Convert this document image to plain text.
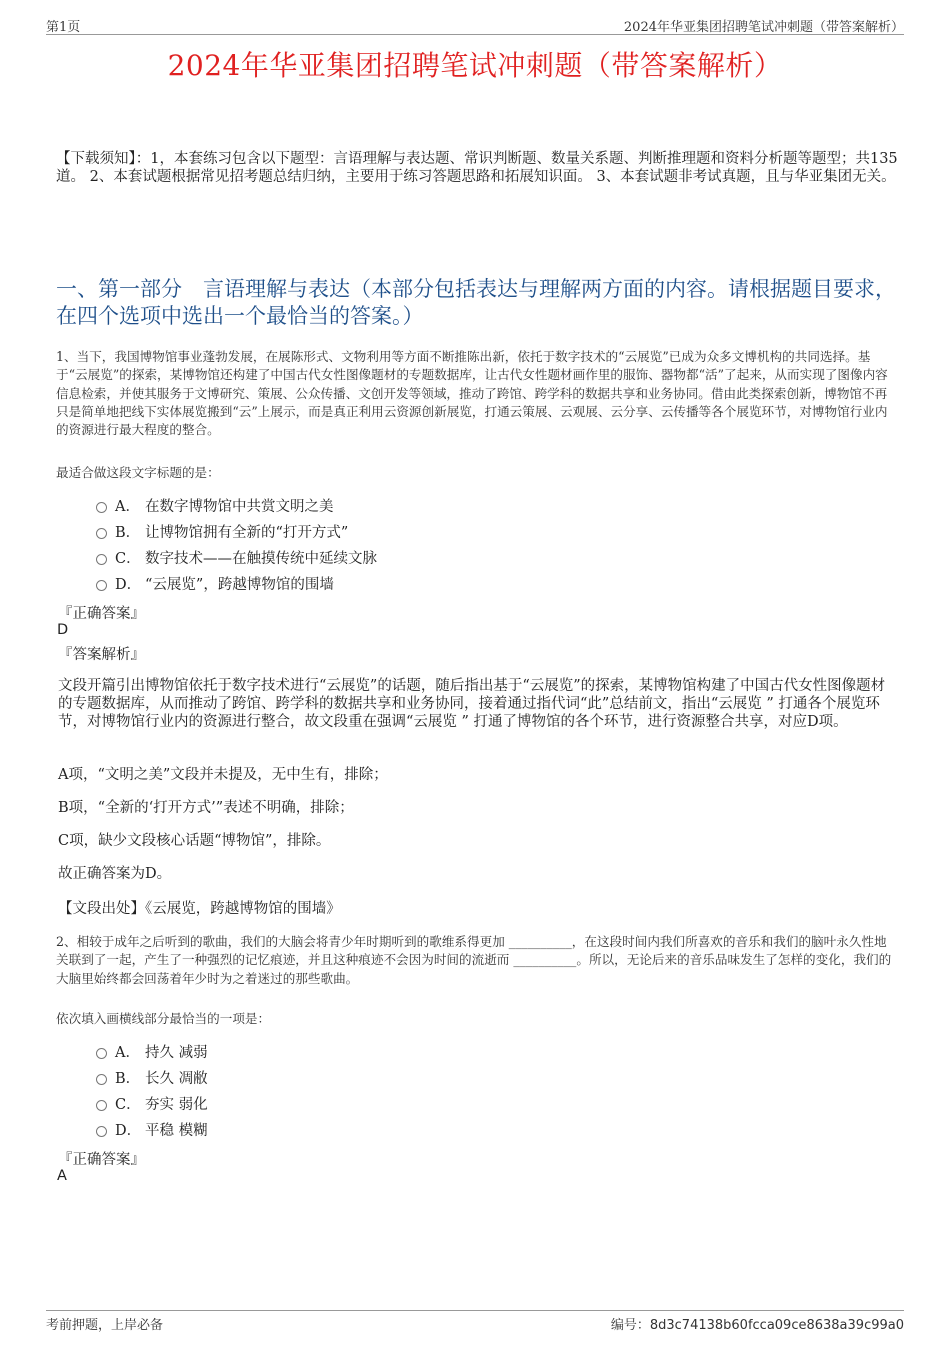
第1页	2024年华亚集团招聘笔试冲刺题（带答案解析）
2024年华亚集团招聘笔试冲刺题（带答案解析）
【下载须知】：1，本套练习包含以下题型：言语理解与表达题、常识判断题、数量关系题、判断推理题和资料分析题等题型；共135道。 2、本套试题根据常见招考题总结归纳，主要用于练习答题思路和拓展知识面。 3、本套试题非考试真题，且与华亚集团无关。
一、第一部分　言语理解与表达（本部分包括表达与理解两方面的内容。请根据题目要求，在四个选项中选出一个最恰当的答案。）
1、当下，我国博物馆事业蓬勃发展，在展陈形式、文物利用等方面不断推陈出新，依托于数字技术的“云展览”已成为众多文博机构的共同选择。基于“云展览”的探索，某博物馆还构建了中国古代女性图像题材的专题数据库，让古代女性题材画作里的服饰、器物都“活”了起来，从而实现了图像内容信息检索，并使其服务于文博研究、策展、公众传播、文创开发等领域，推动了跨馆、跨学科的数据共享和业务协同。借由此类探索创新，博物馆不再只是简单地把线下实体展览搬到“云”上展示，而是真正利用云资源创新展览，打通云策展、云观展、云分享、云传播等各个展览环节，对博物馆行业内的资源进行最大程度的整合。
最适合做这段文字标题的是：
A． 在数字博物馆中共赏文明之美
B． 让博物馆拥有全新的“打开方式”
C． 数字技术——在触摸传统中延续文脉
D． “云展览”，跨越博物馆的围墙
『正确答案』
D
『答案解析』
文段开篇引出博物馆依托于数字技术进行“云展览”的话题，随后指出基于“云展览”的探索，某博物馆构建了中国古代女性图像题材的专题数据库，从而推动了跨馆、跨学科的数据共享和业务协同，接着通过指代词“此”总结前文，指出“云展览 ” 打通各个展览环节，对博物馆行业内的资源进行整合，故文段重在强调“云展览 ” 打通了博物馆的各个环节，进行资源整合共享，对应D项。
A项，“文明之美”文段并未提及，无中生有，排除；
B项，“全新的‘打开方式’”表述不明确，排除；
C项，缺少文段核心话题“博物馆”，排除。
故正确答案为D。
【文段出处】《云展览，跨越博物馆的围墙》
2、相较于成年之后听到的歌曲，我们的大脑会将青少年时期听到的歌维系得更加 __________，在这段时间内我们所喜欢的音乐和我们的脑叶永久性地关联到了一起，产生了一种强烈的记忆痕迹，并且这种痕迹不会因为时间的流逝而 __________。所以，无论后来的音乐品味发生了怎样的变化，我们的大脑里始终都会回荡着年少时为之着迷过的那些歌曲。
依次填入画横线部分最恰当的一项是：
A． 持久 减弱
B． 长久 凋敝
C． 夯实 弱化
D． 平稳 模糊
『正确答案』
A
考前押题，上岸必备	编号：8d3c74138b60fcca09ce8638a39c99a0
